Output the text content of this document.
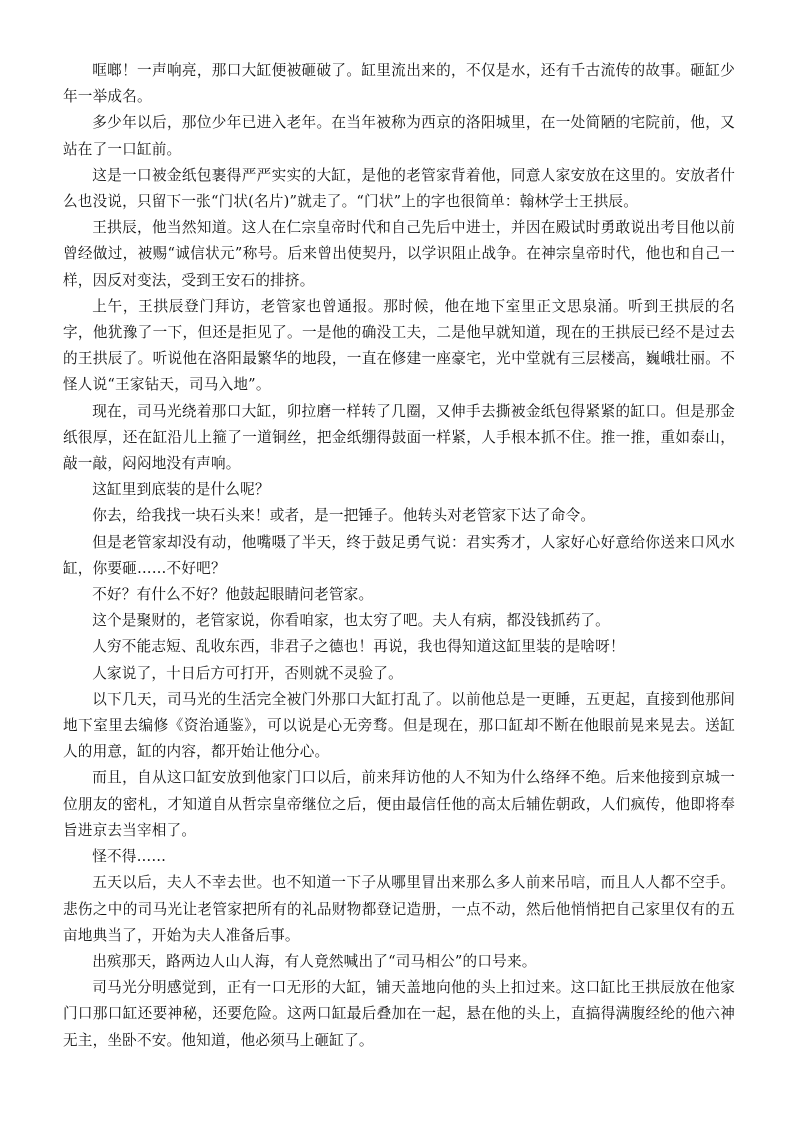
哐啷！一声响亮，那口大缸便被砸破了。缸里流出来的，不仅是水，还有千古流传的故事。砸缸少年一举成名。

多少年以后，那位少年已进入老年。在当年被称为西京的洛阳城里，在一处简陋的宅院前，他，又站在了一口缸前。

这是一口被金纸包裹得严严实实的大缸，是他的老管家背着他，同意人家安放在这里的。安放者什么也没说，只留下一张“门状(名片)”就走了。“门状”上的字也很简单：翰林学士王拱辰。

王拱辰，他当然知道。这人在仁宗皇帝时代和自己先后中进士，并因在殿试时勇敢说出考目他以前曾经做过，被赐“诚信状元”称号。后来曾出使契丹，以学识阻止战争。在神宗皇帝时代，他也和自己一样，因反对变法，受到王安石的排挤。

上午，王拱辰登门拜访，老管家也曾通报。那时候，他在地下室里正文思泉涌。听到王拱辰的名字，他犹豫了一下，但还是拒见了。一是他的确没工夫，二是他早就知道，现在的王拱辰已经不是过去的王拱辰了。听说他在洛阳最繁华的地段，一直在修建一座豪宅，光中堂就有三层楼高，巍峨壮丽。不怪人说“王家钻天，司马入地”。

现在，司马光绕着那口大缸，卯拉磨一样转了几圈，又伸手去撕被金纸包得紧紧的缸口。但是那金纸很厚，还在缸沿儿上箍了一道铜丝，把金纸绷得鼓面一样紧，人手根本抓不住。推一推，重如泰山，敲一敲，闷闷地没有声响。

这缸里到底装的是什么呢？

你去，给我找一块石头来！或者，是一把锤子。他转头对老管家下达了命令。

但是老管家却没有动，他嘴嗫了半天，终于鼓足勇气说：君实秀才，人家好心好意给你送来口风水缸，你要砸……不好吧？

不好？有什么不好？他鼓起眼睛问老管家。

这个是聚财的，老管家说，你看咱家，也太穷了吧。夫人有病，都没钱抓药了。

人穷不能志短、乱收东西，非君子之德也！再说，我也得知道这缸里装的是啥呀！

人家说了，十日后方可打开，否则就不灵验了。

以下几天，司马光的生活完全被门外那口大缸打乱了。以前他总是一更睡，五更起，直接到他那间地下室里去编修《资治通鉴》，可以说是心无旁骛。但是现在，那口缸却不断在他眼前晃来晃去。送缸人的用意，缸的内容，都开始让他分心。

而且，自从这口缸安放到他家门口以后，前来拜访他的人不知为什么络绎不绝。后来他接到京城一位朋友的密札，才知道自从哲宗皇帝继位之后，便由最信任他的高太后辅佐朝政，人们疯传，他即将奉旨进京去当宰相了。

怪不得……

五天以后，夫人不幸去世。也不知道一下子从哪里冒出来那么多人前来吊唁，而且人人都不空手。悲伤之中的司马光让老管家把所有的礼品财物都登记造册，一点不动，然后他悄悄把自己家里仅有的五亩地典当了，开始为夫人准备后事。

出殡那天，路两边人山人海，有人竟然喊出了“司马相公”的口号来。

司马光分明感觉到，正有一口无形的大缸，铺天盖地向他的头上扣过来。这口缸比王拱辰放在他家门口那口缸还要神秘，还要危险。这两口缸最后叠加在一起，悬在他的头上，直搞得满腹经纶的他六神无主，坐卧不安。他知道，他必须马上砸缸了。
